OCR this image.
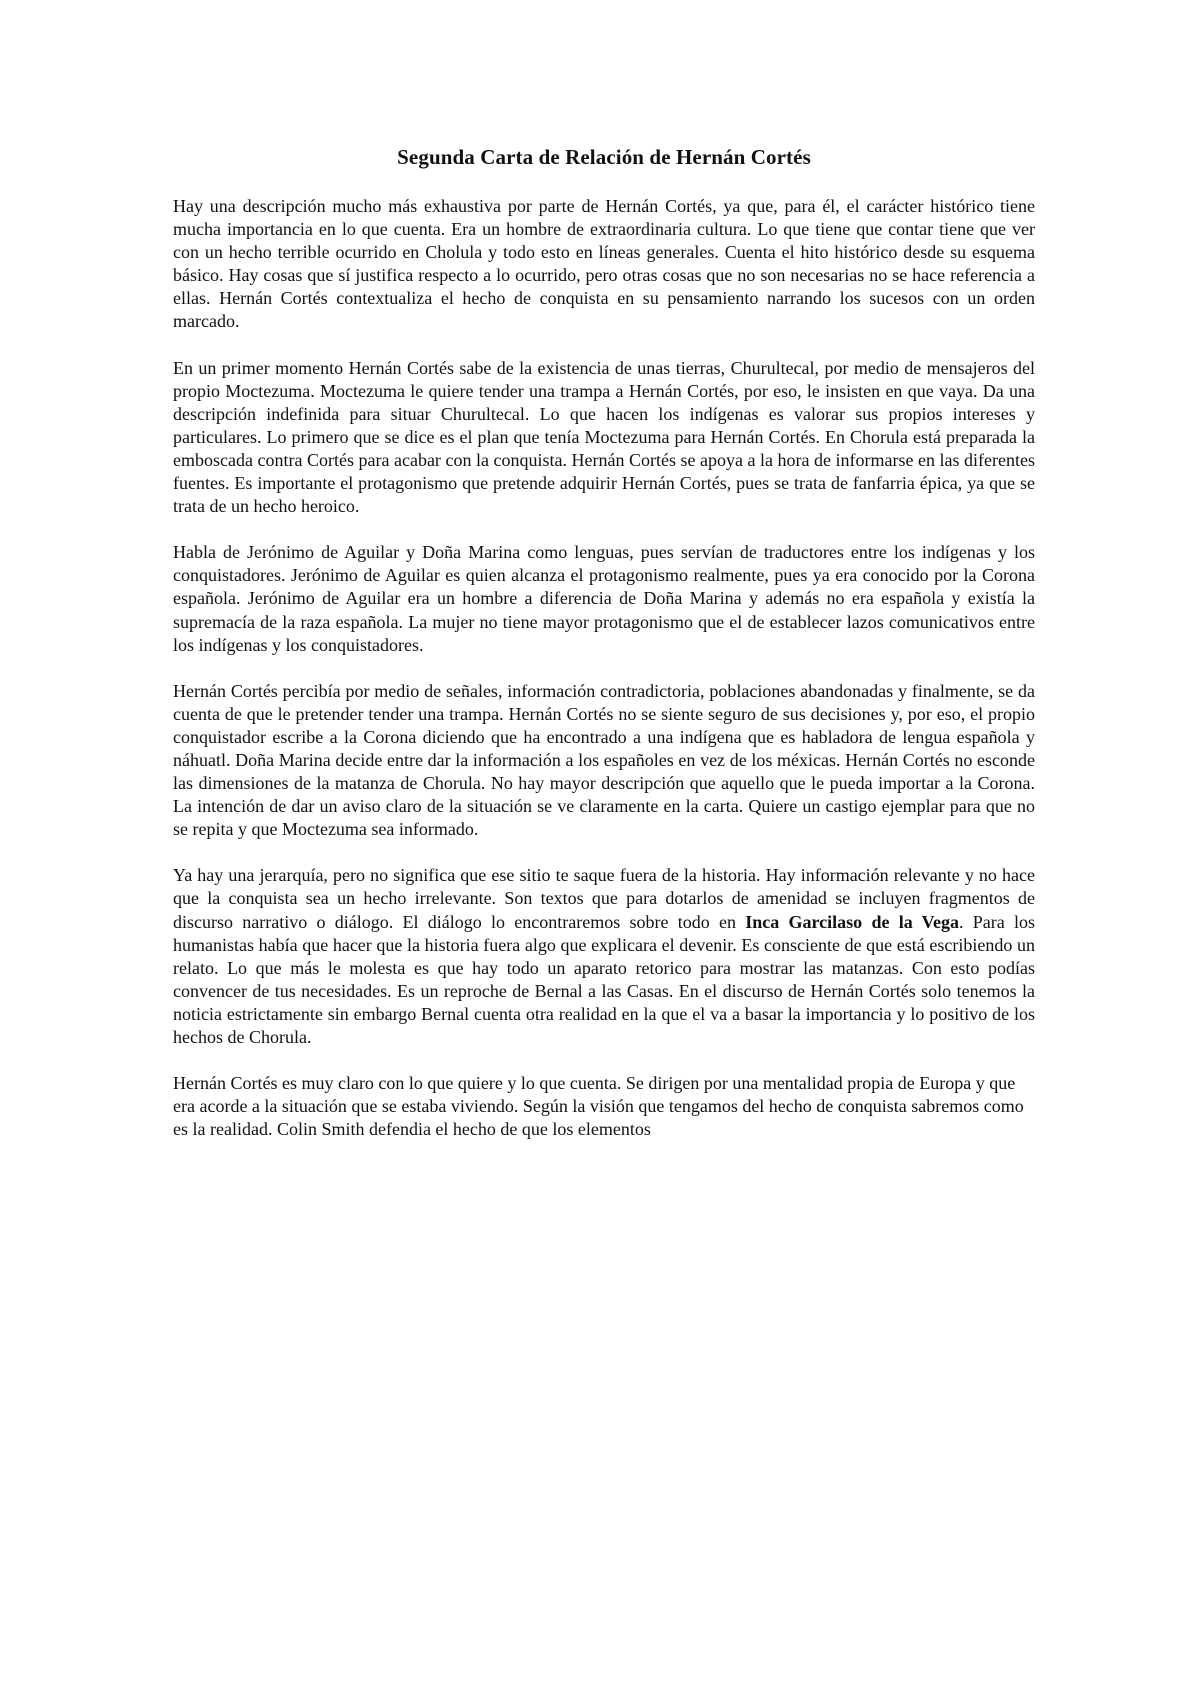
Segunda Carta de Relación de Hernán Cortés

Hay una descripción mucho más exhaustiva por parte de Hernán Cortés, ya que, para él, el carácter histórico tiene mucha importancia en lo que cuenta. Era un hombre de extraordinaria cultura. Lo que tiene que contar tiene que ver con un hecho terrible ocurrido en Cholula y todo esto en líneas generales. Cuenta el hito histórico desde su esquema básico. Hay cosas que sí justifica respecto a lo ocurrido, pero otras cosas que no son necesarias no se hace referencia a ellas. Hernán Cortés contextualiza el hecho de conquista en su pensamiento narrando los sucesos con un orden marcado.

En un primer momento Hernán Cortés sabe de la existencia de unas tierras, Churultecal, por medio de mensajeros del propio Moctezuma. Moctezuma le quiere tender una trampa a Hernán Cortés, por eso, le insisten en que vaya. Da una descripción indefinida para situar Churultecal. Lo que hacen los indígenas es valorar sus propios intereses y particulares. Lo primero que se dice es el plan que tenía Moctezuma para Hernán Cortés. En Chorula está preparada la emboscada contra Cortés para acabar con la conquista. Hernán Cortés se apoya a la hora de informarse en las diferentes fuentes. Es importante el protagonismo que pretende adquirir Hernán Cortés, pues se trata de fanfarria épica, ya que se trata de un hecho heroico.

Habla de Jerónimo de Aguilar y Doña Marina como lenguas, pues servían de traductores entre los indígenas y los conquistadores. Jerónimo de Aguilar es quien alcanza el protagonismo realmente, pues ya era conocido por la Corona española. Jerónimo de Aguilar era un hombre a diferencia de Doña Marina y además no era española y existía la supremacía de la raza española. La mujer no tiene mayor protagonismo que el de establecer lazos comunicativos entre los indígenas y los conquistadores.

Hernán Cortés percibía por medio de señales, información contradictoria, poblaciones abandonadas y finalmente, se da cuenta de que le pretender tender una trampa. Hernán Cortés no se siente seguro de sus decisiones y, por eso, el propio conquistador escribe a la Corona diciendo que ha encontrado a una indígena que es habladora de lengua española y náhuatl. Doña Marina decide entre dar la información a los españoles en vez de los méxicas. Hernán Cortés no esconde las dimensiones de la matanza de Chorula. No hay mayor descripción que aquello que le pueda importar a la Corona. La intención de dar un aviso claro de la situación se ve claramente en la carta. Quiere un castigo ejemplar para que no se repita y que Moctezuma sea informado.

Ya hay una jerarquía, pero no significa que ese sitio te saque fuera de la historia. Hay información relevante y no hace que la conquista sea un hecho irrelevante. Son textos que para dotarlos de amenidad se incluyen fragmentos de discurso narrativo o diálogo. El diálogo lo encontraremos sobre todo en Inca Garcilaso de la Vega. Para los humanistas había que hacer que la historia fuera algo que explicara el devenir. Es consciente de que está escribiendo un relato. Lo que más le molesta es que hay todo un aparato retorico para mostrar las matanzas. Con esto podías convencer de tus necesidades. Es un reproche de Bernal a las Casas. En el discurso de Hernán Cortés solo tenemos la noticia estrictamente sin embargo Bernal cuenta otra realidad en la que el va a basar la importancia y lo positivo de los hechos de Chorula.

Hernán Cortés es muy claro con lo que quiere y lo que cuenta. Se dirigen por una mentalidad propia de Europa y que era acorde a la situación que se estaba viviendo. Según la visión que tengamos del hecho de conquista sabremos como es la realidad. Colin Smith defendia el hecho de que los elementos
